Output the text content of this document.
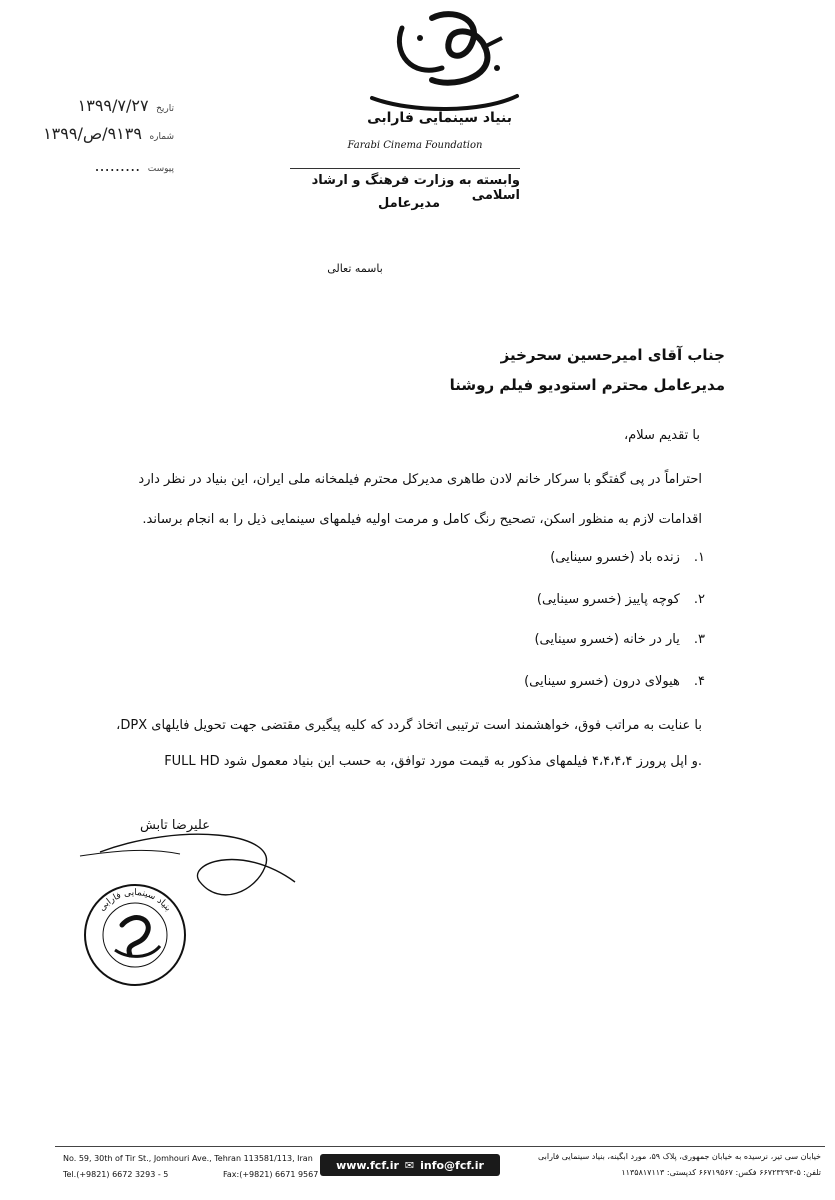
بنیاد سینمایی فارابی
Farabi Cinema Foundation
وابسته به وزارت فرهنگ و ارشاد اسلامی
مدیرعامل
تاریخ ۱۳۹۹/۷/۲۷
شماره ۹۱۳۹/ص/۱۳۹۹
پیوست .........
باسمه تعالی
جناب آقای امیرحسین سحرخیز
مدیرعامل محترم استودیو فیلم روشنا
با تقدیم سلام،
احتراماً در پی گفتگو با سرکار خانم لادن طاهری مدیرکل محترم فیلمخانه ملی ایران، این بنیاد در نظر دارد
اقدامات لازم به منظور اسکن، تصحیح رنگ کامل و مرمت اولیه فیلمهای سینمایی ذیل را به انجام برساند.
۱.
زنده باد (خسرو سینایی)
۲.
کوچه پاییز (خسرو سینایی)
۳.
یار در خانه (خسرو سینایی)
۴.
هیولای درون (خسرو سینایی)
با عنایت به مراتب فوق، خواهشمند است ترتیبی اتخاذ گردد که کلیه پیگیری مقتضی جهت تحویل فایلهای DPX،
FULL HD و اپل پرورز ۴،۴،۴،۴ فیلمهای مذکور به قیمت مورد توافق، به حسب این بنیاد معمول شود.
علیرضا تابش
بنیاد سینمایی فارابی
No. 59, 30th of Tir St., Jomhouri Ave., Tehran 113581/113, Iran
Tel.(+9821) 6672 3293 - 5	Fax:(+9821) 6671 9567
www.fcf.ir ✉ info@fcf.ir
خیابان سی تیر، نرسیده به خیابان جمهوری، پلاک ۵۹، مورد ابگینه، بنیاد سینمایی فارابی
تلفن: ۵-۶۶۷۲۳۲۹۳ فکس: ۶۶۷۱۹۵۶۷ کدپستی: ۱۱۳۵۸۱۷۱۱۳
